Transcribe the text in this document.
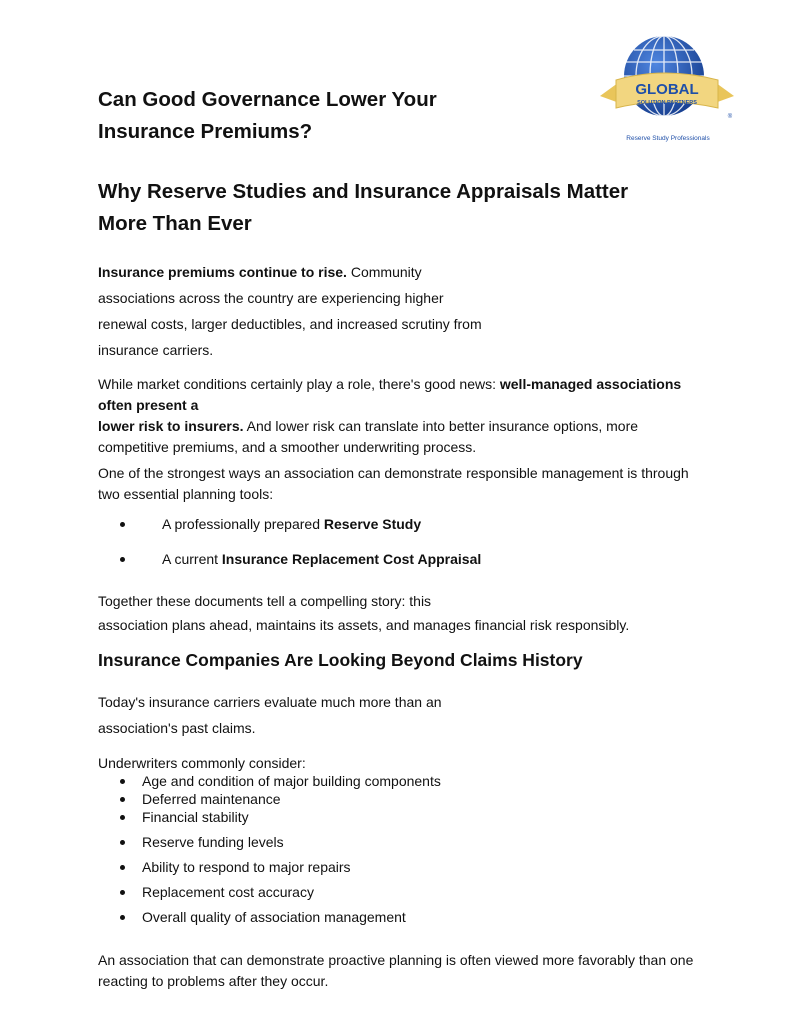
Can Good Governance Lower Your Insurance Premiums?
GLOBAL
SOLUTION PARTNERS
Reserve Study Professionals
®
Why Reserve Studies and Insurance Appraisals Matter More Than Ever

Insurance premiums continue to rise. Community associations across the country are experiencing higher renewal costs, larger deductibles, and increased scrutiny from insurance carriers.

While market conditions certainly play a role, there's good news: well-managed associations often present a
lower risk to insurers. And lower risk can translate into better insurance options, more competitive premiums, and a smoother underwriting process.

One of the strongest ways an association can demonstrate responsible management is through two essential planning tools:

A professionally prepared Reserve Study
A current Insurance Replacement Cost Appraisal

Together these documents tell a compelling story: this
association plans ahead, maintains its assets, and manages financial risk responsibly.

Insurance Companies Are Looking Beyond Claims History

Today's insurance carriers evaluate much more than an association's past claims.

Underwriters commonly consider:

Age and condition of major building components
Deferred maintenance
Financial stability
Reserve funding levels
Ability to respond to major repairs
Replacement cost accuracy
Overall quality of association management

An association that can demonstrate proactive planning is often viewed more favorably than one reacting to problems after they occur.
